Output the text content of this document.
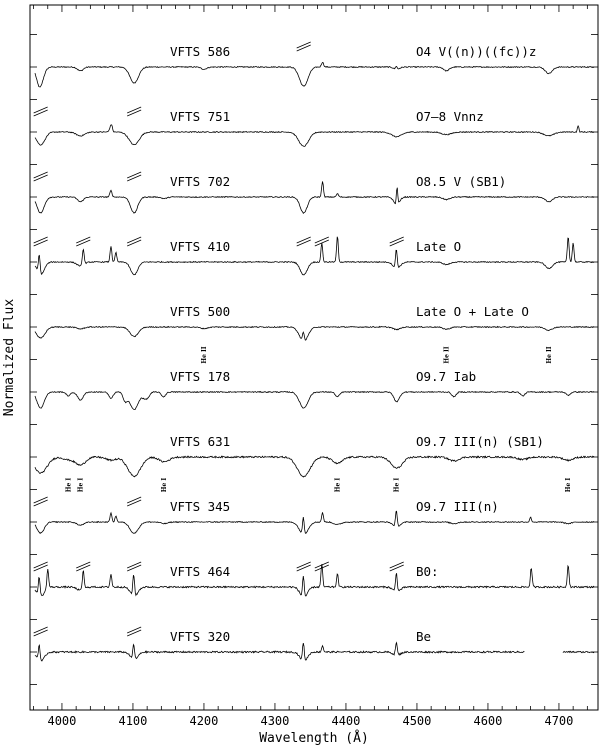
4000	4100	4200	4300	4400	4500	4600	4700
VFTS 586	O4 V((n))((fc))z
VFTS 751	O7–8 Vnnz
VFTS 702	O8.5 V (SB1)
VFTS 410	Late O
VFTS 500	Late O + Late O
VFTS 178	O9.7 Iab
VFTS 631	O9.7 III(n) (SB1)
VFTS 345	O9.7 III(n)
VFTS 464	B0:
VFTS 320	Be
He II	He II	He II
He I He I	He I	He I	He I	He I
Wavelength (Å)
Normalized Flux
